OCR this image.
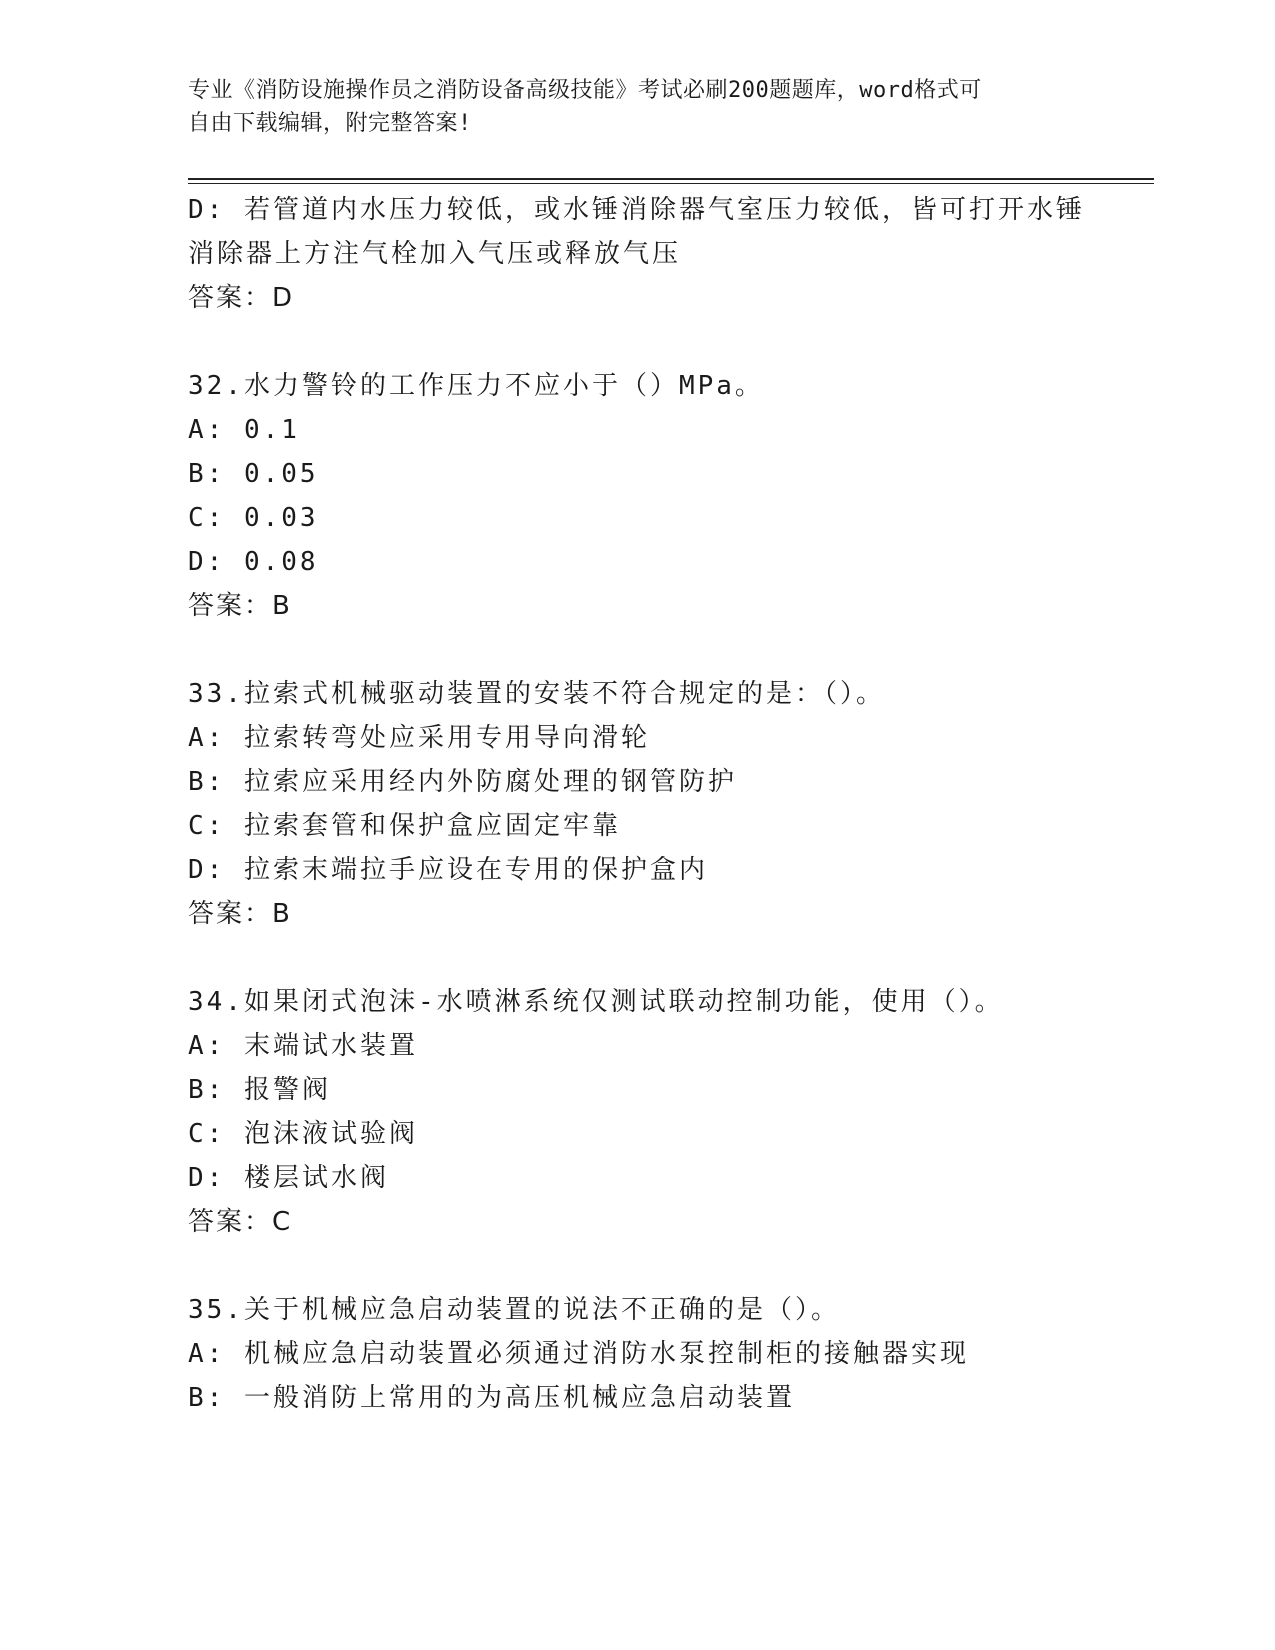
专业《消防设施操作员之消防设备高级技能》考试必刷200题题库，word格式可
自由下载编辑，附完整答案!
D: 若管道内水压力较低，或水锤消除器气室压力较低，皆可打开水锤
消除器上方注气栓加入气压或释放气压
答案：D
32.水力警铃的工作压力不应小于（）MPa。
A: 0.1
B: 0.05
C: 0.03
D: 0.08
答案：B
33.拉索式机械驱动装置的安装不符合规定的是：（）。
A: 拉索转弯处应采用专用导向滑轮
B: 拉索应采用经内外防腐处理的钢管防护
C: 拉索套管和保护盒应固定牢靠
D: 拉索末端拉手应设在专用的保护盒内
答案：B
34.如果闭式泡沫-水喷淋系统仅测试联动控制功能，使用（）。
A: 末端试水装置
B: 报警阀
C: 泡沫液试验阀
D: 楼层试水阀
答案：C
35.关于机械应急启动装置的说法不正确的是（）。
A: 机械应急启动装置必须通过消防水泵控制柜的接触器实现
B: 一般消防上常用的为高压机械应急启动装置
